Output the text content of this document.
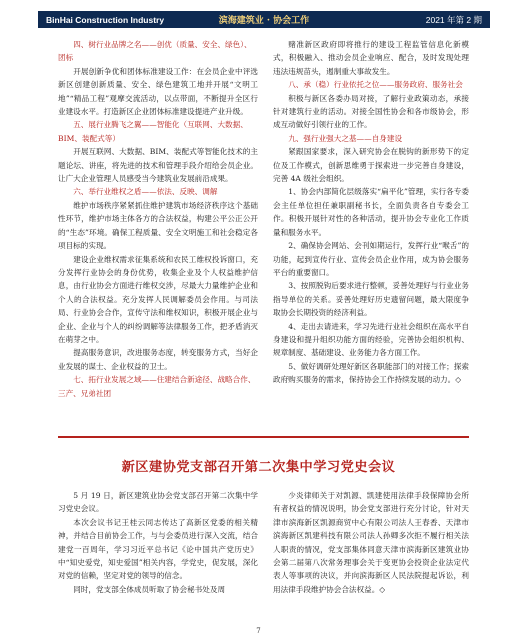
BinHai Construction Industry	滨海建筑业 · 协会工作	2021 年第 2 期

四、树行业品牌之名——创优（质量、安全、绿色）、团标

开展创新争优和团体标准建设工作：在会员企业中评选新区创建创新质量、安全、绿色建筑工地并开展“文明工地”“精品工程”观摩交流活动，以点带面，不断提升全区行业建设水平。打造新区企业团体标准建设提进产业升级。

五、展行业腾飞之翼——智能化（互联网、大数据、BIM、装配式等）

开展互联网、大数据、BIM、装配式等智能化技术的主题论坛、讲座，将先进的技术和管理手段介绍给会员企业。让广大企业管理人员感受当今建筑业发展前沿成果。

六、举行业维权之盾——依法、反映、调解

维护市场秩序紧紧抓住维护建筑市场经济秩序这个基础性环节，维护市场主体各方的合法权益，构建公平公正公开的“生态”环境。确保工程质量、安全文明施工和社会稳定各项目标的实现。

建设企业维权需求征集系统和农民工维权投诉窗口，充分发挥行业协会的身份优势，收集企业及个人权益维护信息，由行业协会方面进行维权交涉，尽最大力量维护企业和个人的合法权益。充分发挥人民调解委员会作用。与司法局、行业协会合作，宣传守法和维权知识，积极开展企业与企业、企业与个人的纠纷调解等法律服务工作，把矛盾消灭在萌芽之中。

提高服务意识，改进服务态度，转变服务方式，当好企业发展的谋士、企业权益的卫士。

七、拓行业发展之域——住建结合新途径、战略合作、三产、兄弟社团

赌准新区政府即将推行的建设工程监管信息化新模式，积极融入、推动会员企业响应、配合，及时发现处理违法违规苗头，遏制重大事故发生。

八、承（稳）行业依托之位——服务政府、服务社会

积极与新区各委办局对接，了解行业政策动态，承接针对建筑行业的活动。对接全国性协会和各市级协会，形成互动做好引领行业的工作。

九、强行业强大之基——自身建设

紧跟国家要求，深入研究协会在脱钩的新形势下的定位及工作模式，创新思维勇于探索进一步完善自身建设，完善 4A 级社会组织。

1、协会内部简化层级落实“扁平化”管理，实行各专委会主任单位担任兼职副秘书长，全面负责各自专委会工作。积极开展针对性的各种活动，提升协会专业化工作质量和服务水平。

2、确保协会网站、会刊如期运行，发挥行业“喉舌”的功能，起到宣传行业、宣传会员企业作用，成为协会服务平台的重要窗口。

3、按照脱钩后要求进行整顿，妥善处理好与行业业务指导单位的关系。妥善处理好历史遗留问题，最大限度争取协会长期投资的经济利益。

4、走出去请进来，学习先进行业社会组织在高水平自身建设和提升组织功能方面的经验，完善协会组织机构、规章制度、基础建设、业务能力各方面工作。

5、做好调研处理好新区各职能部门的对接工作；探索政府购买服务的需求，保持协会工作持续发展的动力。◇

新区建协党支部召开第二次集中学习党史会议

5 月 19 日，新区建筑业协会党支部召开第二次集中学习党史会议。

本次会议书记王桂云同志传达了高新区党委的相关精神，并结合目前协会工作，与与会委员进行深入交流，结合建党一百周年，学习习近平总书记《论中国共产党历史》中“知史爱党，知史爱国”相关内容，学党史，促发展，深化对党的信赖，坚定对党的领导的信念。

同时，党支部全体成员听取了协会秘书处及周

少炎律师关于对凯源、凯建使用法律手段保障协会所有者权益的情况说明，协会党支部进行充分讨论，针对天津市滨海新区凯源商贸中心有限公司法人王春香、天津市滨海新区凯建科技有限公司法人孙卿多次拒不履行相关法人职责的情况，党支部集体同意天津市滨海新区建筑业协会第二届第八次常务理事会关于变更协会投资企业法定代表人等事项的决议，并向滨海新区人民法院提起诉讼，利用法律手段维护协会合法权益。◇

7
